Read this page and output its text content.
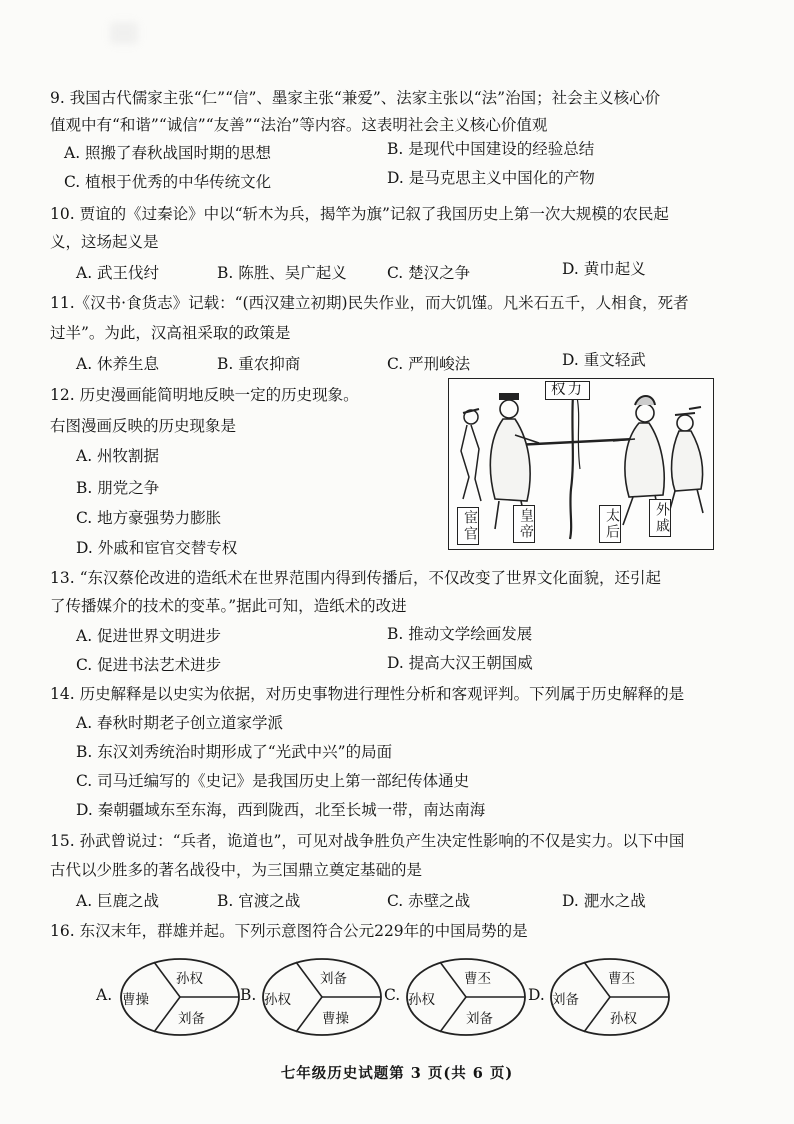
9. 我国古代儒家主张“仁”“信”、墨家主张“兼爱”、法家主张以“法”治国；社会主义核心价
值观中有“和谐”“诚信”“友善”“法治”等内容。这表明社会主义核心价值观
A. 照搬了春秋战国时期的思想	B. 是现代中国建设的经验总结
C. 植根于优秀的中华传统文化	D. 是马克思主义中国化的产物
10. 贾谊的《过秦论》中以“斩木为兵，揭竿为旗”记叙了我国历史上第一次大规模的农民起
义，这场起义是
A. 武王伐纣	B. 陈胜、吴广起义	C. 楚汉之争	D. 黄巾起义
11.《汉书·食货志》记载：“(西汉建立初期)民失作业，而大饥馑。凡米石五千，人相食，死者
过半”。为此，汉高祖采取的政策是
A. 休养生息	B. 重农抑商	C. 严刑峻法	D. 重文轻武
12. 历史漫画能简明地反映一定的历史现象。
右图漫画反映的历史现象是
A. 州牧割据
B. 朋党之争
C. 地方豪强势力膨胀
D. 外戚和宦官交替专权
权力
宦官	皇帝	太后	外戚
13. “东汉蔡伦改进的造纸术在世界范围内得到传播后，不仅改变了世界文化面貌，还引起
了传播媒介的技术的变革。”据此可知，造纸术的改进
A. 促进世界文明进步	B. 推动文学绘画发展
C. 促进书法艺术进步	D. 提高大汉王朝国威
14. 历史解释是以史实为依据，对历史事物进行理性分析和客观评判。下列属于历史解释的是
A. 春秋时期老子创立道家学派
B. 东汉刘秀统治时期形成了“光武中兴”的局面
C. 司马迁编写的《史记》是我国历史上第一部纪传体通史
D. 秦朝疆域东至东海，西到陇西，北至长城一带，南达南海
15. 孙武曾说过：“兵者，诡道也”，可见对战争胜负产生决定性影响的不仅是实力。以下中国
古代以少胜多的著名战役中，为三国鼎立奠定基础的是
A. 巨鹿之战	B. 官渡之战	C. 赤壁之战	D. 淝水之战
16. 东汉末年，群雄并起。下列示意图符合公元229年的中国局势的是
A. 曹操
孙权
刘备
B. 孙权
刘备
曹操
C. 孙权
曹丕
刘备
D. 刘备
曹丕
孙权
七年级历史试题第 3 页(共 6 页)
